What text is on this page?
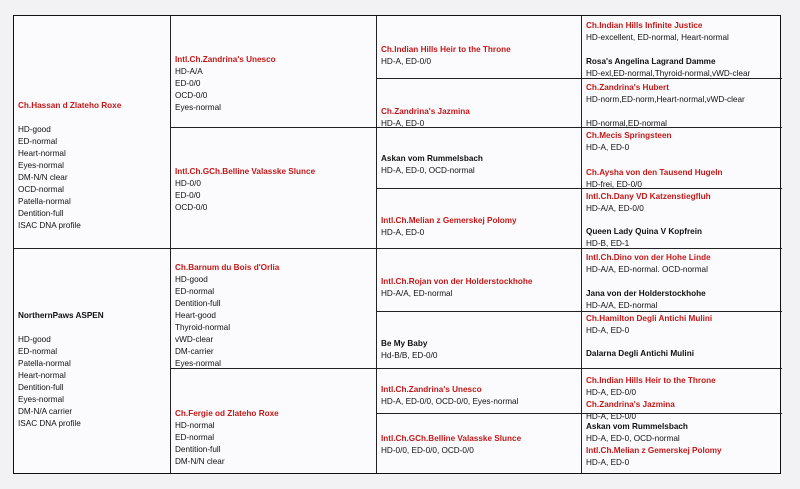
Ch.Hassan d Zlateho Roxe
HD-good
ED-normal
Heart-normal
Eyes-normal
DM-N/N clear
OCD-normal
Patella-normal
Dentition-full
ISAC DNA profile
NorthernPaws ASPEN
HD-good
ED-normal
Patella-normal
Heart-normal
Dentition-full
Eyes-normal
DM-N/A carrier
ISAC DNA profile
Intl.Ch.Zandrina's Unesco
HD-A/A
ED-0/0
OCD-0/0
Eyes-normal
Intl.Ch.GCh.Belline Valasske Slunce
HD-0/0
ED-0/0
OCD-0/0
Ch.Barnum du Bois d'Orlia
HD-good
ED-normal
Dentition-full
Heart-good
Thyroid-normal
vWD-clear
DM-carrier
Eyes-normal
Ch.Fergie od Zlateho Roxe
HD-normal
ED-normal
Dentition-full
DM-N/N clear
Ch.Indian Hills Heir to the Throne
HD-A, ED-0/0
Ch.Zandrina's Jazmina
HD-A, ED-0
Askan vom Rummelsbach
HD-A, ED-0, OCD-normal
Intl.Ch.Melian z Gemerskej Polomy
HD-A, ED-0
Intl.Ch.Rojan von der Holderstockhohe
HD-A/A, ED-normal
Be My Baby
Hd-B/B, ED-0/0
Intl.Ch.Zandrina's Unesco
HD-A, ED-0/0, OCD-0/0, Eyes-normal
Intl.Ch.GCh.Belline Valasske Slunce
HD-0/0, ED-0/0, OCD-0/0
Ch.Indian Hills Infinite Justice
HD-excellent, ED-normal, Heart-normal
Rosa's Angelina Lagrand Damme
HD-exl,ED-normal,Thyroid-normal,vWD-clear
Ch.Zandrina's Hubert
HD-norm,ED-norm,Heart-normal,vWD-clear
HD-normal,ED-normal
Ch.Mecis Springsteen
HD-A, ED-0
Ch.Aysha von den Tausend Hugeln
HD-frei, ED-0/0
Intl.Ch.Dany VD Katzenstiegfluh
HD-A/A, ED-0/0
Queen Lady Quina V Kopfrein
HD-B, ED-1
Intl.Ch.Dino von der Hohe Linde
HD-A/A, ED-normal. OCD-normal
Jana von der Holderstockhohe
HD-A/A, ED-normal
Ch.Hamilton Degli Antichi Mulini
HD-A, ED-0
Dalarna Degli Antichi Mulini
Ch.Indian Hills Heir to the Throne
HD-A, ED-0/0
Ch.Zandrina's Jazmina
HD-A, ED-0/0
Askan vom Rummelsbach
HD-A, ED-0, OCD-normal
Intl.Ch.Melian z Gemerskej Polomy
HD-A, ED-0
